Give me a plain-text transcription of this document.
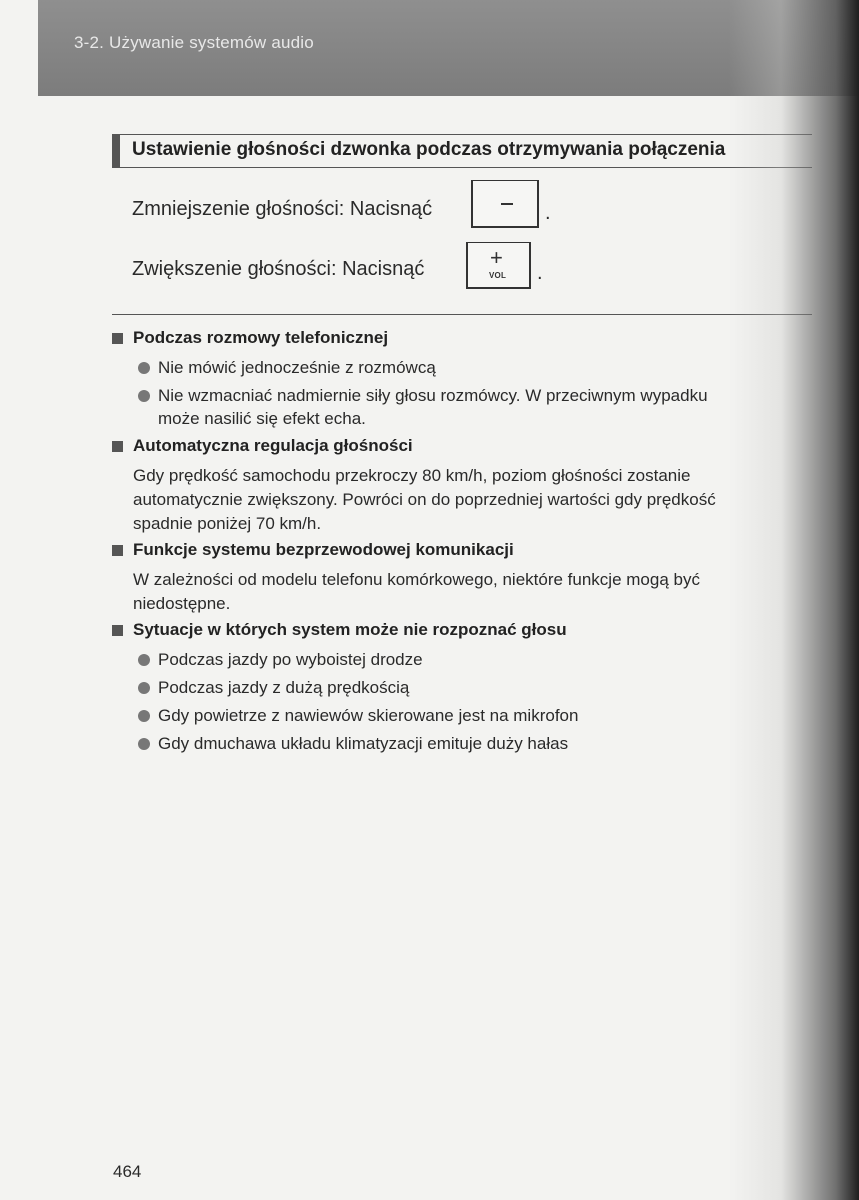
3-2. Używanie systemów audio
Ustawienie głośności dzwonka podczas otrzymywania połączenia
Zmniejszenie głośności: Nacisnąć	.
Zwiększenie głośności: Nacisnąć	+
VOL .
Podczas rozmowy telefonicznej
Nie mówić jednocześnie z rozmówcą
Nie wzmacniać nadmiernie siły głosu rozmówcy. W przeciwnym wypadku
może nasilić się efekt echa.
Automatyczna regulacja głośności
Gdy prędkość samochodu przekroczy 80 km/h, poziom głośności zostanie
automatycznie zwiększony. Powróci on do poprzedniej wartości gdy prędkość
spadnie poniżej 70 km/h.
Funkcje systemu bezprzewodowej komunikacji
W zależności od modelu telefonu komórkowego, niektóre funkcje mogą być
niedostępne.
Sytuacje w których system może nie rozpoznać głosu
Podczas jazdy po wyboistej drodze
Podczas jazdy z dużą prędkością
Gdy powietrze z nawiewów skierowane jest na mikrofon
Gdy dmuchawa układu klimatyzacji emituje duży hałas
464
